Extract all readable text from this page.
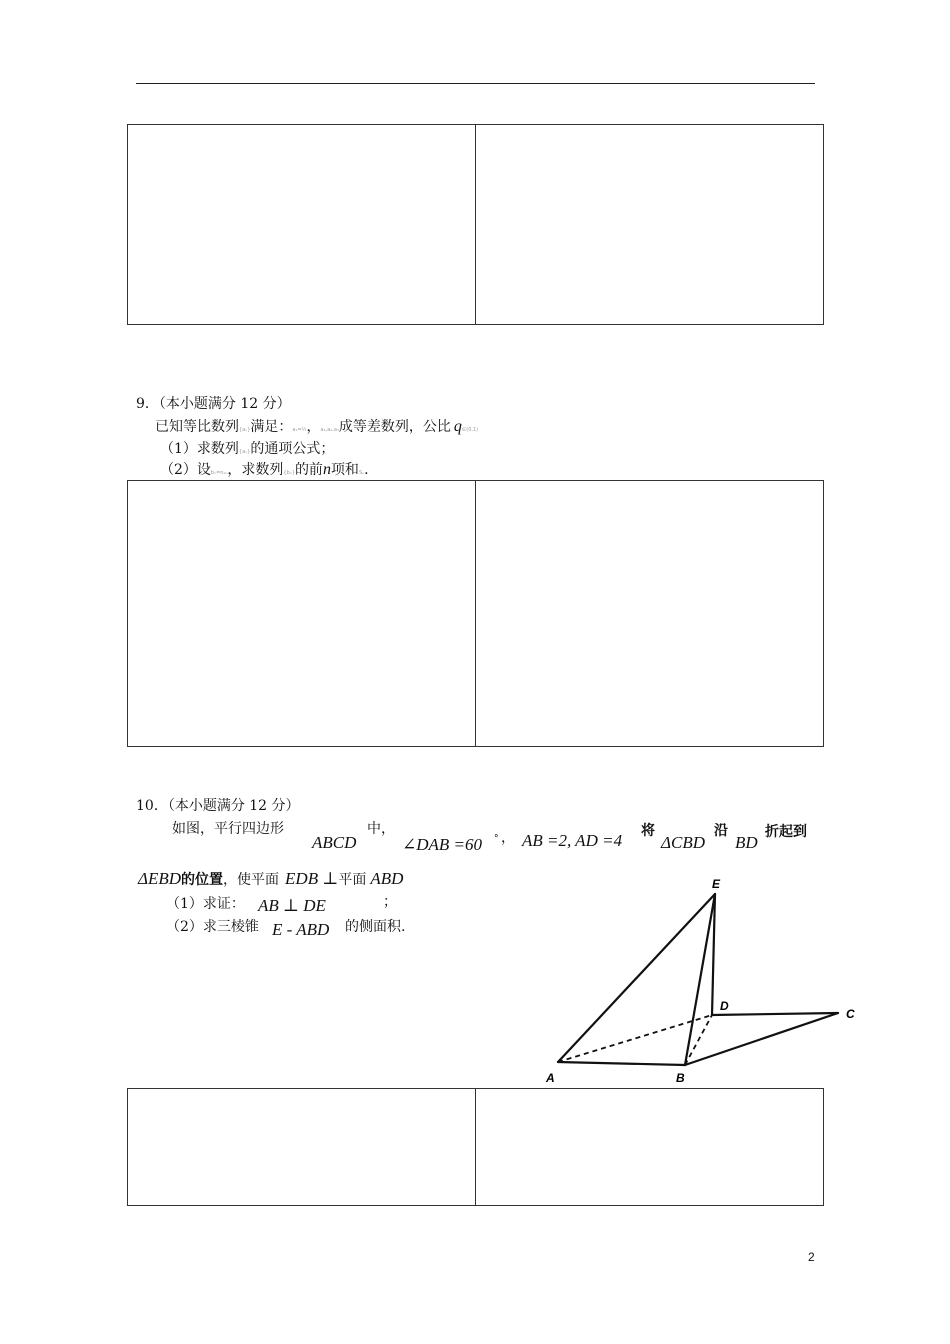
9．（本小题满分 12 分）
已知等比数列{aₙ}满足：a₁=½，a₁,a₂,a₃成等差数列，公比 q∈(0,1)
（1）求数列{aₙ}的通项公式；
（2）设bₙ=nₐₙ，求数列{bₙ}的前n项和Sₙ.
10．（本小题满分 12 分）
如图，平行四边形
ABCD
中，
∠DAB =60 ° ， AB =2, AD =4 将
ΔCBD
沿
BD
折起到
ΔEBD的位置，使平面 EDB ⊥平面 ABD
（1）求证： AB ⊥ DE	；
（2）求三棱锥 E - ABD 的侧面积.
E
D
C
A	B
2
